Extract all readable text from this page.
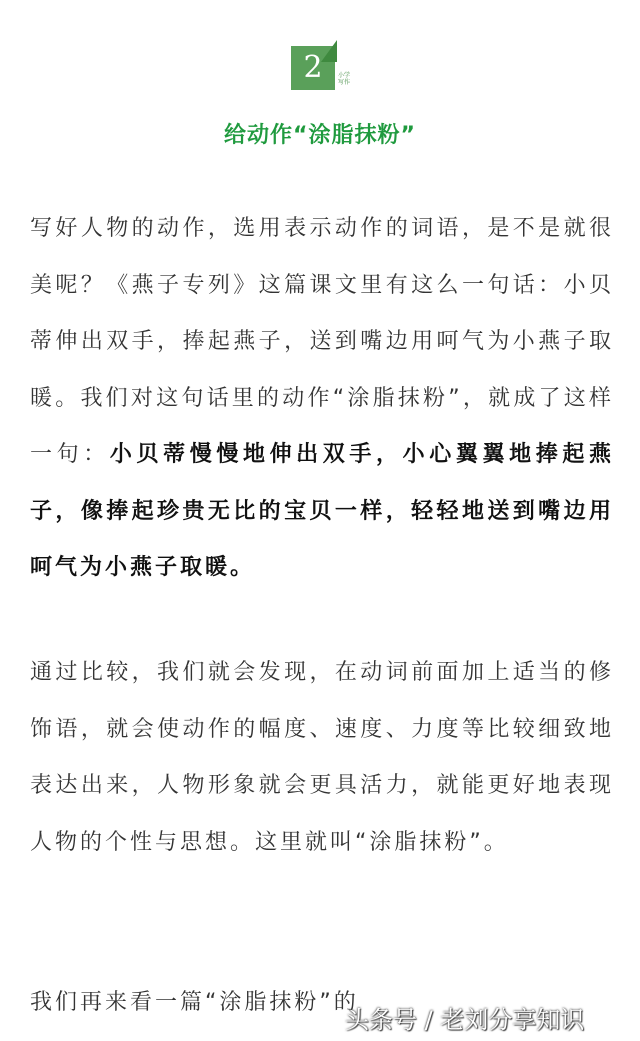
2	小学写作
给动作“涂脂抹粉”
写好人物的动作，选用表示动作的词语，是不是就很美呢？《燕子专列》这篇课文里有这么一句话：小贝蒂伸出双手，捧起燕子，送到嘴边用呵气为小燕子取暖。我们对这句话里的动作“涂脂抹粉”，就成了这样一句：小贝蒂慢慢地伸出双手，小心翼翼地捧起燕子，像捧起珍贵无比的宝贝一样，轻轻地送到嘴边用呵气为小燕子取暖。
通过比较，我们就会发现，在动词前面加上适当的修饰语，就会使动作的幅度、速度、力度等比较细致地表达出来，人物形象就会更具活力，就能更好地表现人物的个性与思想。这里就叫“涂脂抹粉”。
我们再来看一篇“涂脂抹粉”的
头条号 / 老刘分享知识
